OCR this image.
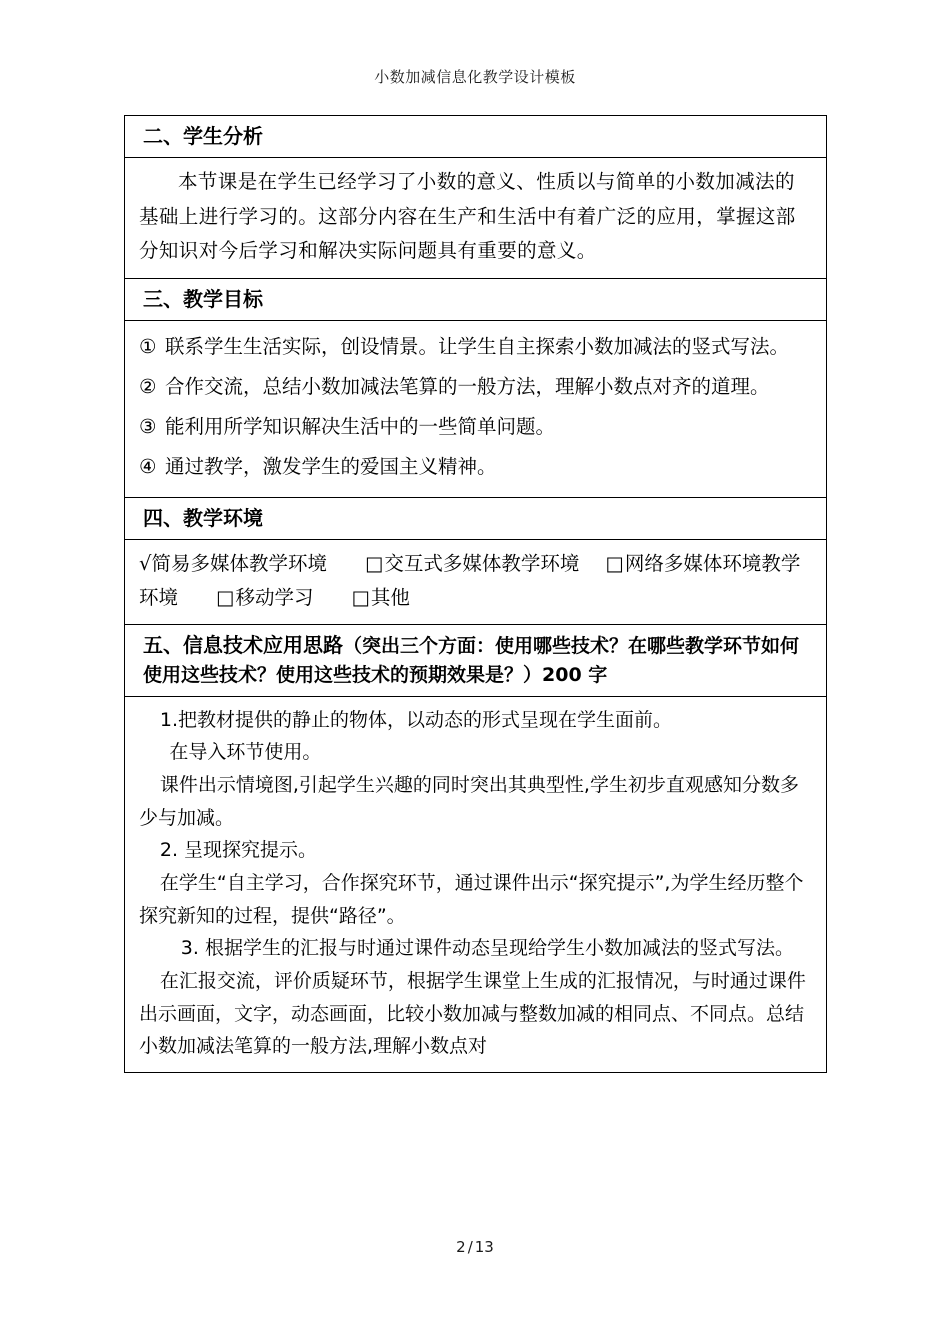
小数加减信息化教学设计模板
二、学生分析

本节课是在学生已经学习了小数的意义、性质以与简单的小数加减法的基础上进行学习的。这部分内容在生产和生活中有着广泛的应用，掌握这部分知识对今后学习和解决实际问题具有重要的意义。

三、教学目标

① 联系学生生活实际，创设情景。让学生自主探索小数加减法的竖式写法。
② 合作交流，总结小数加减法笔算的一般方法，理解小数点对齐的道理。
③ 能利用所学知识解决生活中的一些简单问题。
④ 通过教学，激发学生的爱国主义精神。

四、教学环境

√简易多媒体教学环境 □交互式多媒体教学环境 □网络多媒体环境教学环境 □移动学习 □其他

五、信息技术应用思路（突出三个方面：使用哪些技术？在哪些教学环节如何使用这些技术？使用这些技术的预期效果是？）200 字

1.把教材提供的静止的物体，以动态的形式呈现在学生面前。
在导入环节使用。
课件出示情境图,引起学生兴趣的同时突出其典型性,学生初步直观感知分数多少与加减。
2. 呈现探究提示。
在学生“自主学习，合作探究环节，通过课件出示“探究提示”,为学生经历整个探究新知的过程，提供“路径”。
3. 根据学生的汇报与时通过课件动态呈现给学生小数加减法的竖式写法。
在汇报交流，评价质疑环节，根据学生课堂上生成的汇报情况，与时通过课件出示画面，文字，动态画面，比较小数加减与整数加减的相同点、不同点。总结小数加减法笔算的一般方法,理解小数点对
2 / 13
